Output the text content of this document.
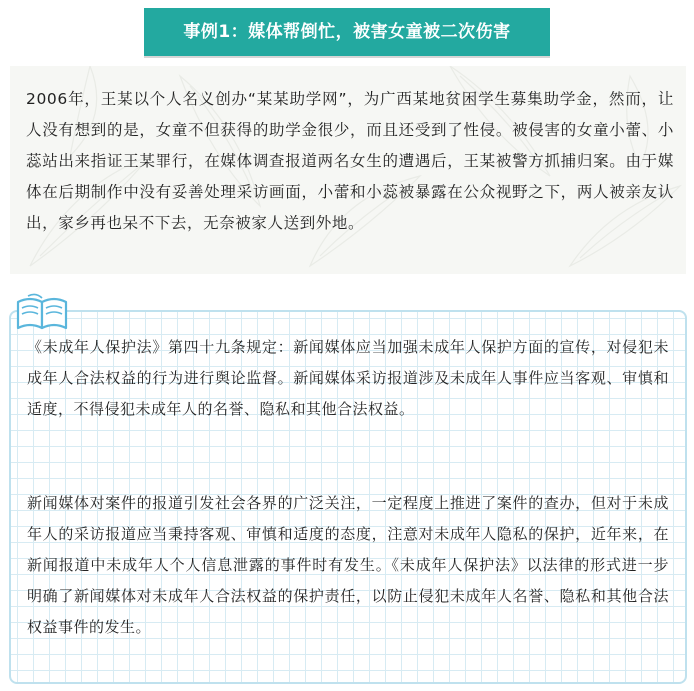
事例1：媒体帮倒忙，被害女童被二次伤害

2006年，王某以个人名义创办“某某助学网”，为广西某地贫困学生募集助学金，然而，让人没有想到的是，女童不但获得的助学金很少，而且还受到了性侵。被侵害的女童小蕾、小蕊站出来指证王某罪行，在媒体调查报道两名女生的遭遇后，王某被警方抓捕归案。由于媒体在后期制作中没有妥善处理采访画面，小蕾和小蕊被暴露在公众视野之下，两人被亲友认出，家乡再也呆不下去，无奈被家人送到外地。

《未成年人保护法》第四十九条规定：新闻媒体应当加强未成年人保护方面的宣传，对侵犯未成年人合法权益的行为进行舆论监督。新闻媒体采访报道涉及未成年人事件应当客观、审慎和适度，不得侵犯未成年人的名誉、隐私和其他合法权益。

新闻媒体对案件的报道引发社会各界的广泛关注，一定程度上推进了案件的查办，但对于未成年人的采访报道应当秉持客观、审慎和适度的态度，注意对未成年人隐私的保护，近年来，在新闻报道中未成年人个人信息泄露的事件时有发生。《未成年人保护法》以法律的形式进一步明确了新闻媒体对未成年人合法权益的保护责任，以防止侵犯未成年人名誉、隐私和其他合法权益事件的发生。
